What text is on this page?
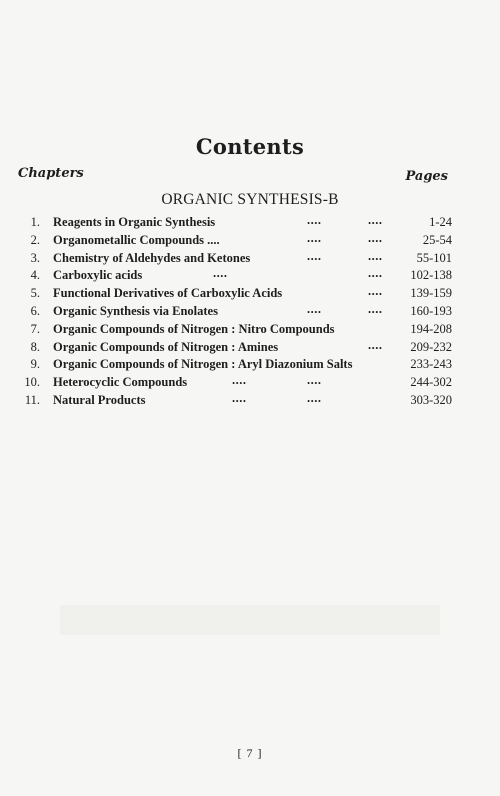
Contents
Chapters	Pages
ORGANIC SYNTHESIS-B
1. Reagents in Organic Synthesis	....	....	1-24
2. Organometallic Compounds ....	....	....	25-54
3. Chemistry of Aldehydes and Ketones	....	....	55-101
4. Carboxylic acids	....	.... 102-138
5. Functional Derivatives of Carboxylic Acids	.... 139-159
6. Organic Synthesis via Enolates	....	.... 160-193
7. Organic Compounds of Nitrogen : Nitro Compounds	194-208
8. Organic Compounds of Nitrogen : Amines	.... 209-232
9. Organic Compounds of Nitrogen : Aryl Diazonium Salts	233-243
10. Heterocyclic Compounds	....	....	244-302
11. Natural Products	....	....	303-320
[ 7 ]
